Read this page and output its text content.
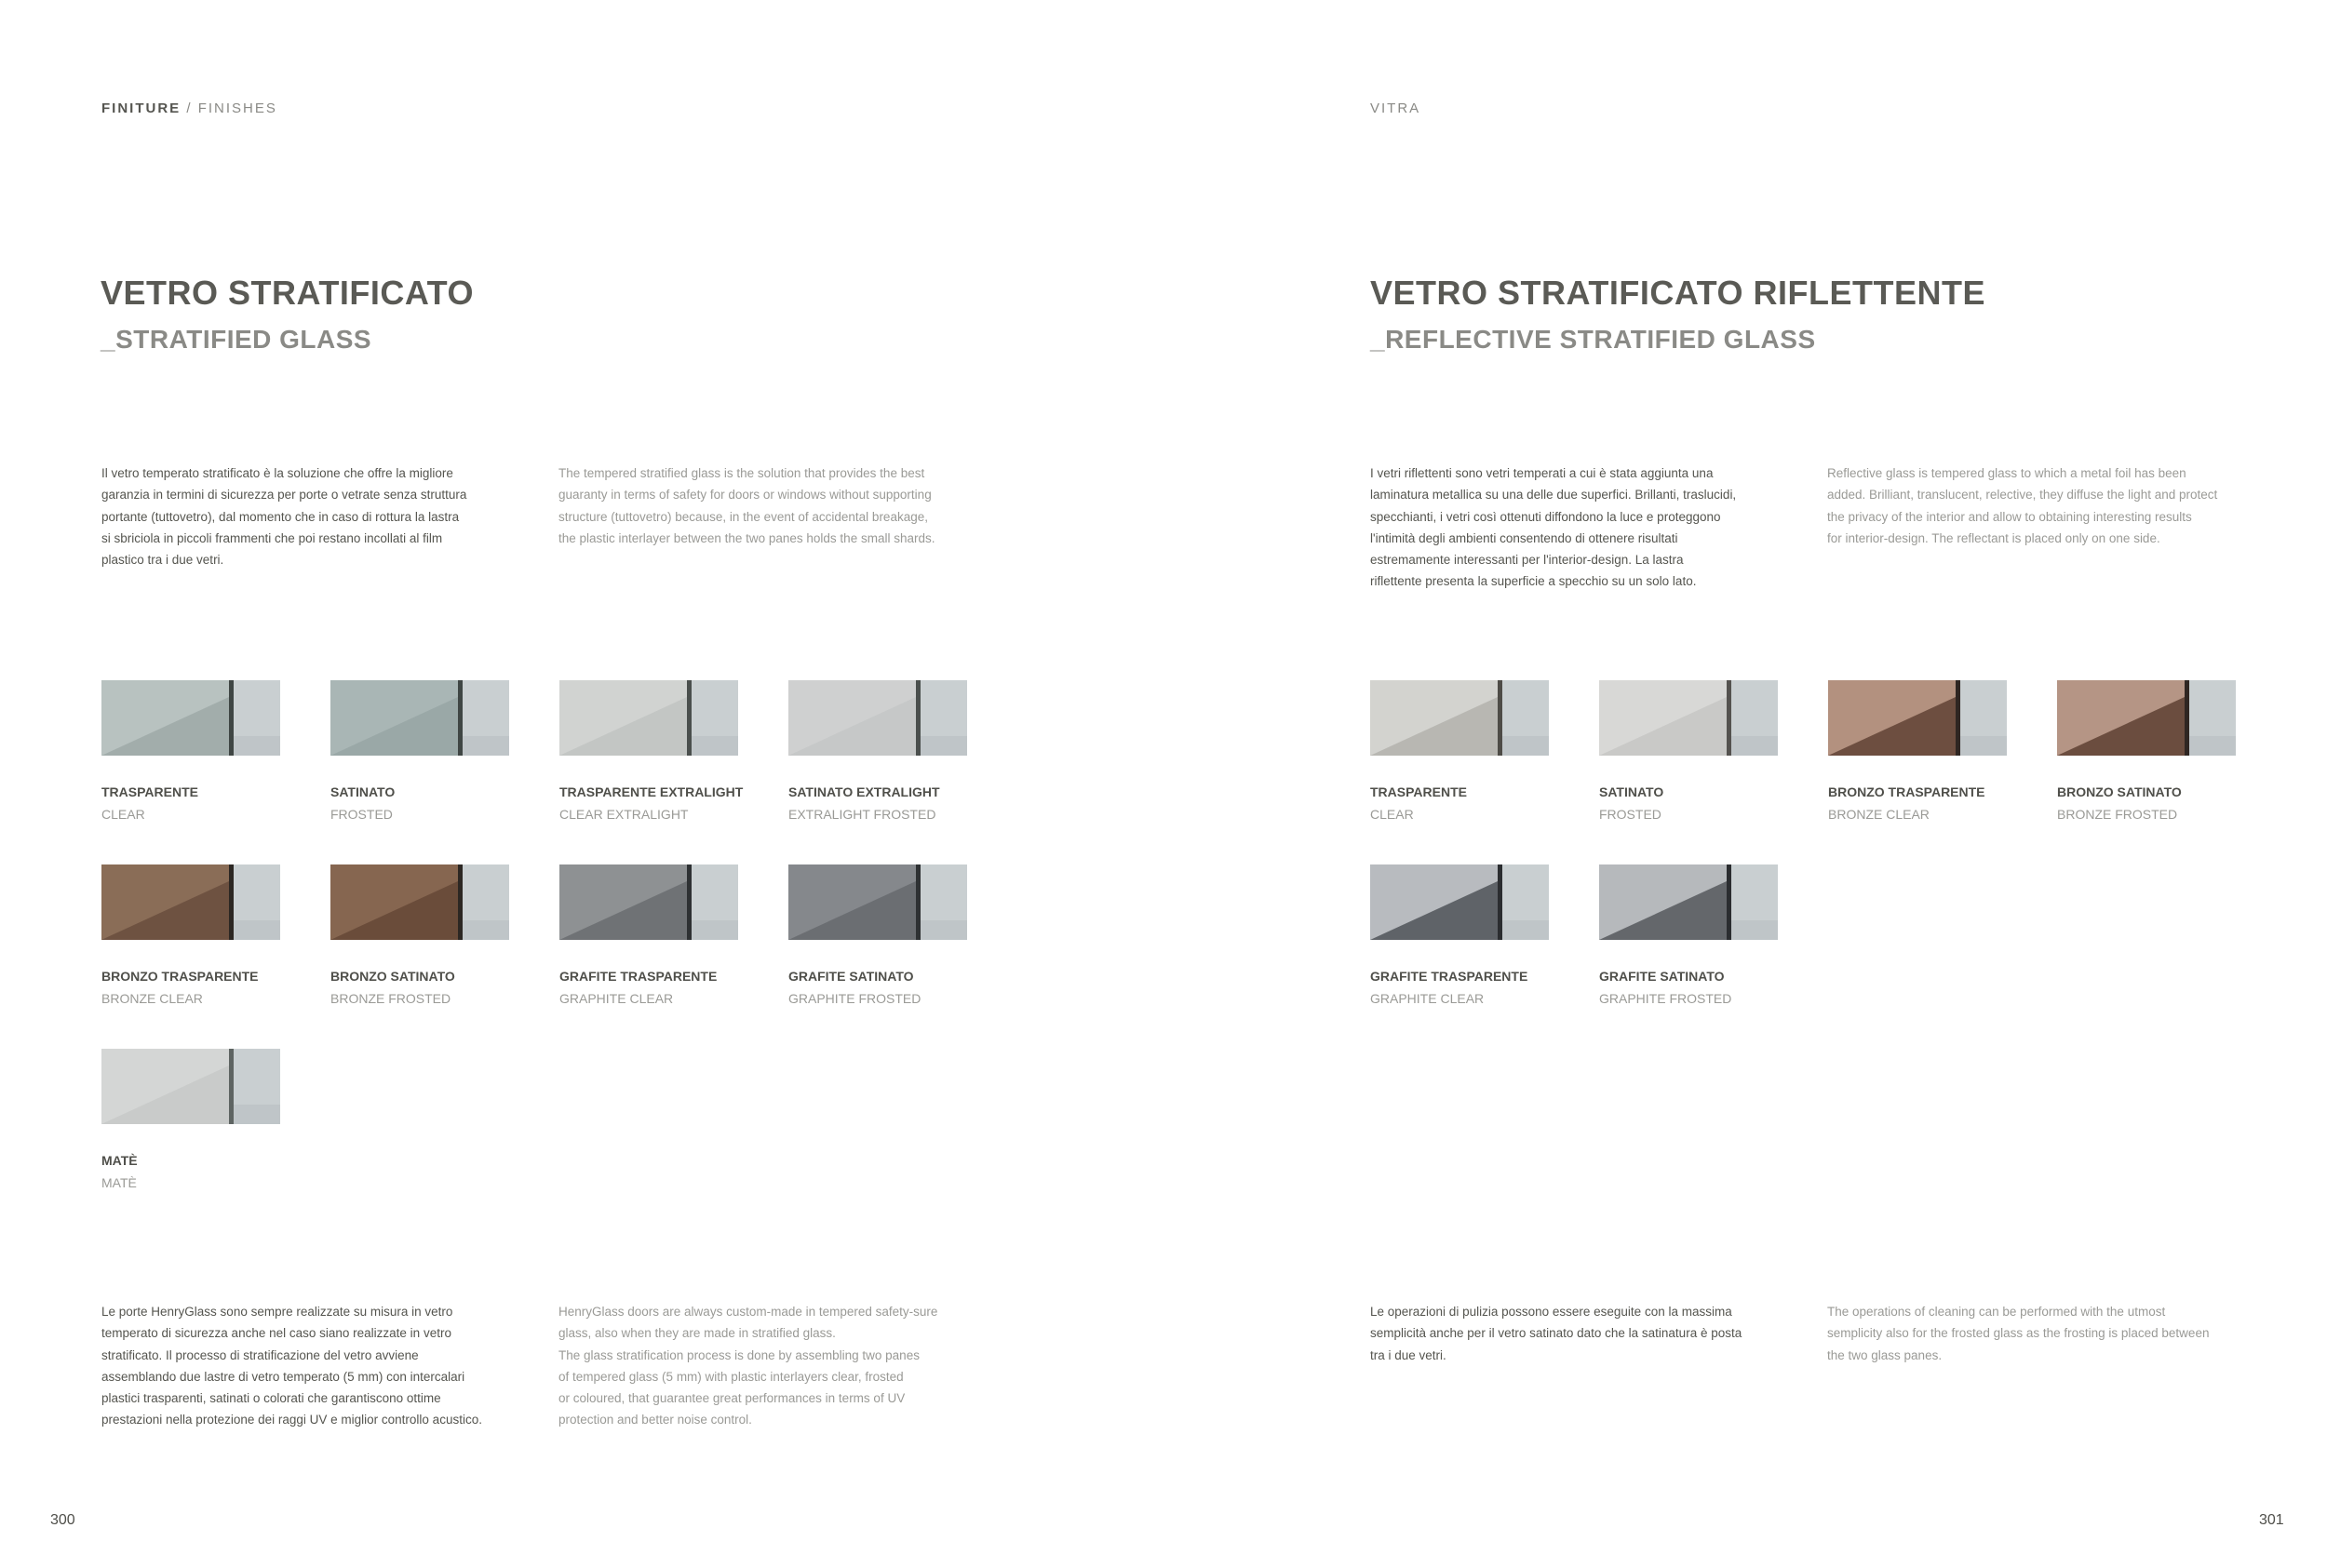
FINITURE / FINISHES
VETRO STRATIFICATO
_STRATIFIED GLASS

Il vetro temperato stratificato è la soluzione che offre la migliore
garanzia in termini di sicurezza per porte o vetrate senza struttura
portante (tuttovetro), dal momento che in caso di rottura la lastra
si sbriciola in piccoli frammenti che poi restano incollati al film
plastico tra i due vetri.

The tempered stratified glass is the solution that provides the best
guaranty in terms of safety for doors or windows without supporting
structure (tuttovetro) because, in the event of accidental breakage,
the plastic interlayer between the two panes holds the small shards.

TRASPARENTE
CLEAR
SATINATO
FROSTED
TRASPARENTE EXTRALIGHT
CLEAR EXTRALIGHT
SATINATO EXTRALIGHT
EXTRALIGHT FROSTED
BRONZO TRASPARENTE
BRONZE CLEAR
BRONZO SATINATO
BRONZE FROSTED
GRAFITE TRASPARENTE
GRAPHITE CLEAR
GRAFITE SATINATO
GRAPHITE FROSTED
MATÈ
MATÈ

Le porte HenryGlass sono sempre realizzate su misura in vetro
temperato di sicurezza anche nel caso siano realizzate in vetro
stratificato. Il processo di stratificazione del vetro avviene
assemblando due lastre di vetro temperato (5 mm) con intercalari
plastici trasparenti, satinati o colorati che garantiscono ottime
prestazioni nella protezione dei raggi UV e miglior controllo acustico.

HenryGlass doors are always custom-made in tempered safety-sure
glass, also when they are made in stratified glass.
The glass stratification process is done by assembling two panes
of tempered glass (5 mm) with plastic interlayers clear, frosted
or coloured, that guarantee great performances in terms of UV
protection and better noise control.

300
VITRA
VETRO STRATIFICATO RIFLETTENTE
_REFLECTIVE STRATIFIED GLASS

I vetri riflettenti sono vetri temperati a cui è stata aggiunta una
laminatura metallica su una delle due superfici. Brillanti, traslucidi,
specchianti, i vetri così ottenuti diffondono la luce e proteggono
l'intimità degli ambienti consentendo di ottenere risultati
estremamente interessanti per l'interior-design. La lastra
riflettente presenta la superficie a specchio su un solo lato.

Reflective glass is tempered glass to which a metal foil has been
added. Brilliant, translucent, relective, they diffuse the light and protect
the privacy of the interior and allow to obtaining interesting results
for interior-design. The reflectant is placed only on one side.

TRASPARENTE
CLEAR
SATINATO
FROSTED
BRONZO TRASPARENTE
BRONZE CLEAR
BRONZO SATINATO
BRONZE FROSTED
GRAFITE TRASPARENTE
GRAPHITE CLEAR
GRAFITE SATINATO
GRAPHITE FROSTED

Le operazioni di pulizia possono essere eseguite con la massima
semplicità anche per il vetro satinato dato che la satinatura è posta
tra i due vetri.

The operations of cleaning can be performed with the utmost
semplicity also for the frosted glass as the frosting is placed between
the two glass panes.

301
